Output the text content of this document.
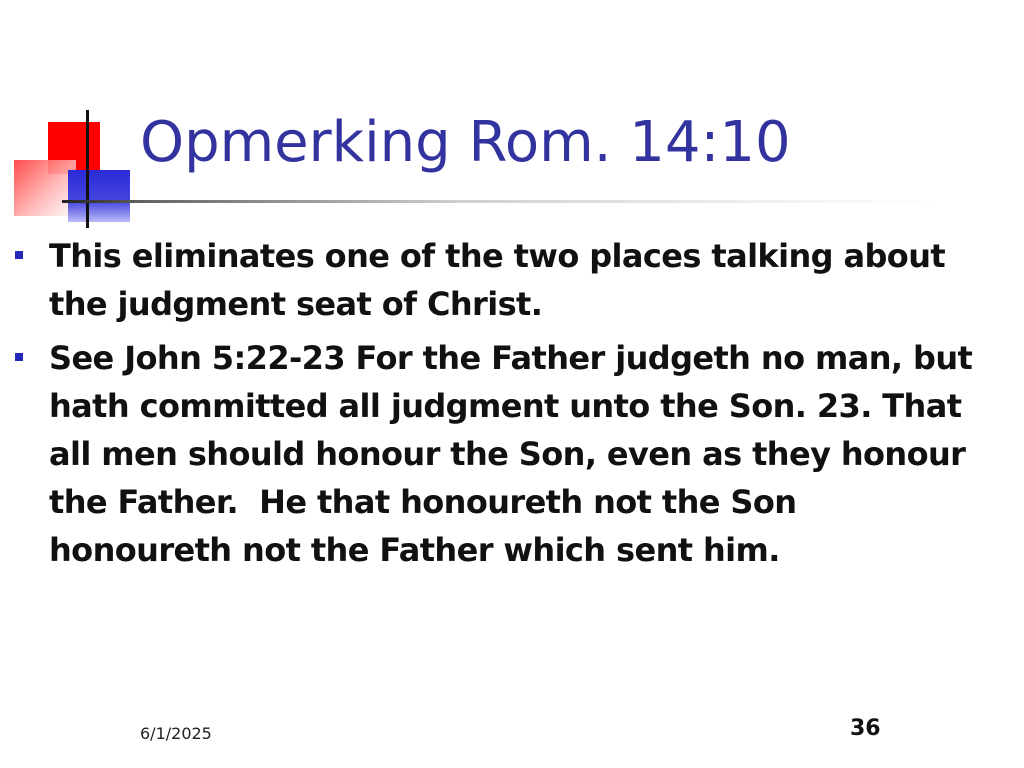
Opmerking Rom. 14:10
This eliminates one of the two places talking about the judgment seat of Christ.
See John 5:22-23 For the Father judgeth no man, but hath committed all judgment unto the Son. 23. That all men should honour the Son, even as they honour the Father.  He that honoureth not the Son honoureth not the Father which sent him.
6/1/2025	36
